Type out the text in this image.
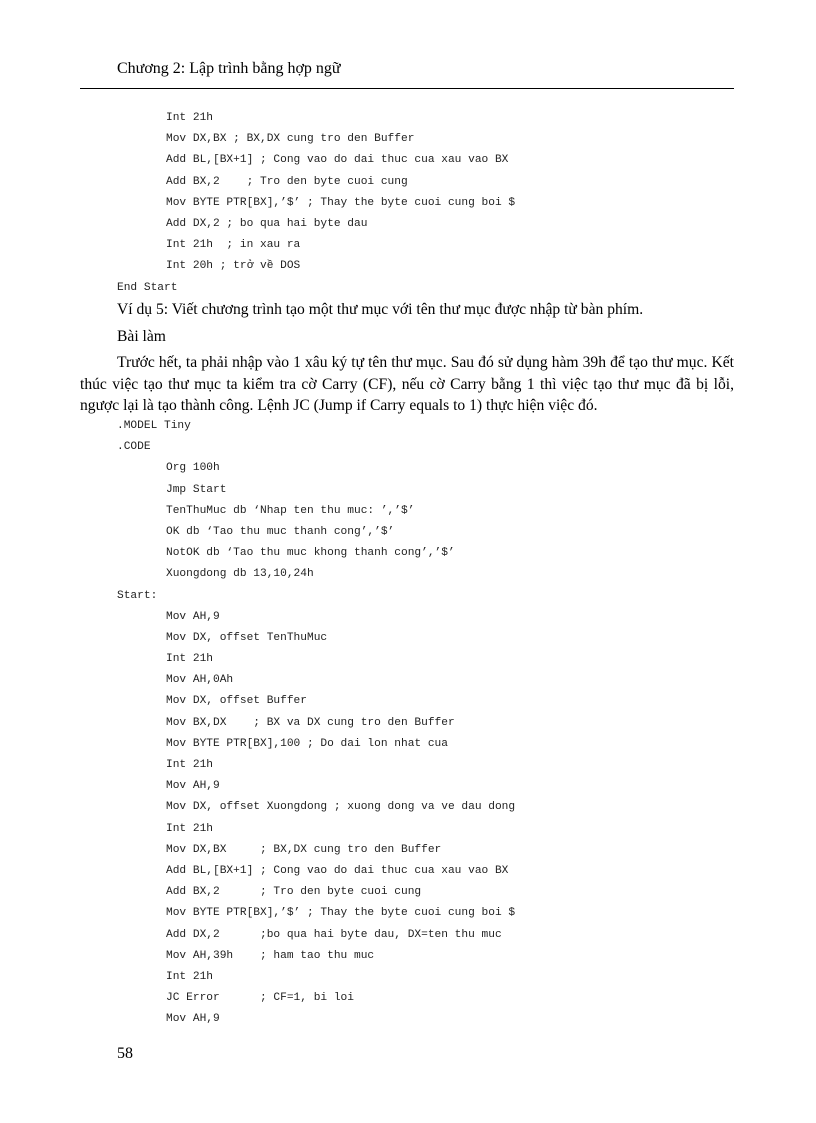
Chương 2: Lập trình bằng hợp ngữ
Int 21h
Mov DX,BX ; BX,DX cung tro den Buffer
Add BL,[BX+1] ; Cong vao do dai thuc cua xau vao BX
Add BX,2    ; Tro den byte cuoi cung
Mov BYTE PTR[BX],’$’ ; Thay the byte cuoi cung boi $
Add DX,2 ; bo qua hai byte dau
Int 21h  ; in xau ra
Int 20h ; trở về DOS
End Start
Ví dụ 5: Viết chương trình tạo một thư mục với tên thư mục được nhập từ bàn phím.
Bài làm
Trước hết, ta phải nhập vào 1 xâu ký tự tên thư mục. Sau đó sử dụng hàm 39h để tạo thư mục. Kết thúc việc tạo thư mục ta kiểm tra cờ Carry (CF), nếu cờ Carry bằng 1 thì việc tạo thư mục đã bị lỗi, ngược lại là tạo thành công. Lệnh JC (Jump if Carry equals to 1) thực hiện việc đó.
.MODEL Tiny
.CODE
Org 100h
Jmp Start
TenThuMuc db ‘Nhap ten thu muc: ’,’$’
OK db ‘Tao thu muc thanh cong’,’$’
NotOK db ‘Tao thu muc khong thanh cong’,’$’
Xuongdong db 13,10,24h
Start:
Mov AH,9
Mov DX, offset TenThuMuc
Int 21h
Mov AH,0Ah
Mov DX, offset Buffer
Mov BX,DX    ; BX va DX cung tro den Buffer
Mov BYTE PTR[BX],100 ; Do dai lon nhat cua
Int 21h
Mov AH,9
Mov DX, offset Xuongdong ; xuong dong va ve dau dong
Int 21h
Mov DX,BX     ; BX,DX cung tro den Buffer
Add BL,[BX+1] ; Cong vao do dai thuc cua xau vao BX
Add BX,2      ; Tro den byte cuoi cung
Mov BYTE PTR[BX],’$’ ; Thay the byte cuoi cung boi $
Add DX,2      ;bo qua hai byte dau, DX=ten thu muc
Mov AH,39h    ; ham tao thu muc
Int 21h
JC Error      ; CF=1, bi loi
Mov AH,9
58
